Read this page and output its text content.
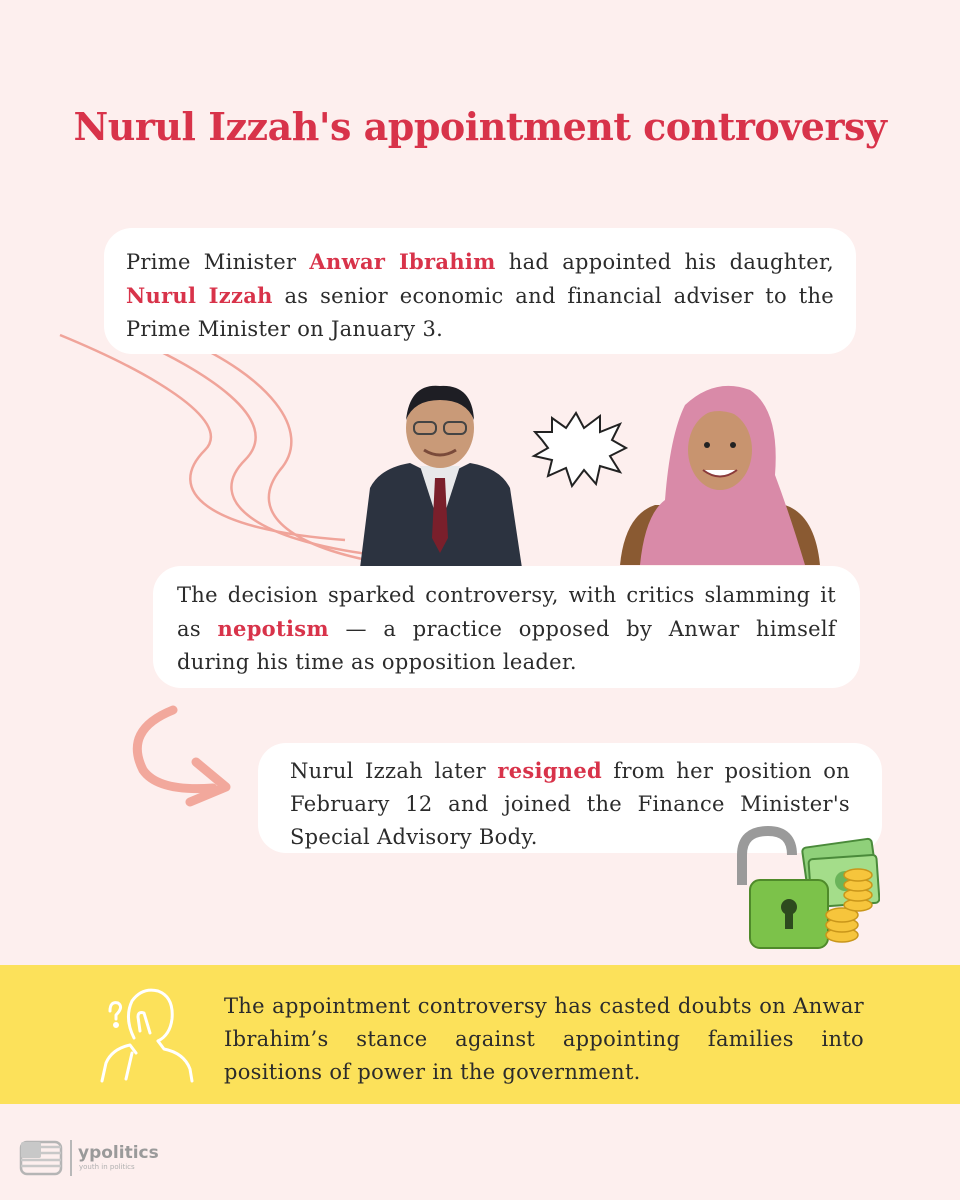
Nurul Izzah's appointment controversy
Prime Minister Anwar Ibrahim had appointed his daughter, Nurul Izzah as senior economic and financial adviser to the Prime Minister on January 3.
The decision sparked controversy, with critics slamming it as nepotism — a practice opposed by Anwar himself during his time as opposition leader.
Nurul Izzah later resigned from her position on February 12 and joined the Finance Minister's Special Advisory Body.
The appointment controversy has casted doubts on Anwar Ibrahim’s stance against appointing families into positions of power in the government.
ypolitics
youth in politics
